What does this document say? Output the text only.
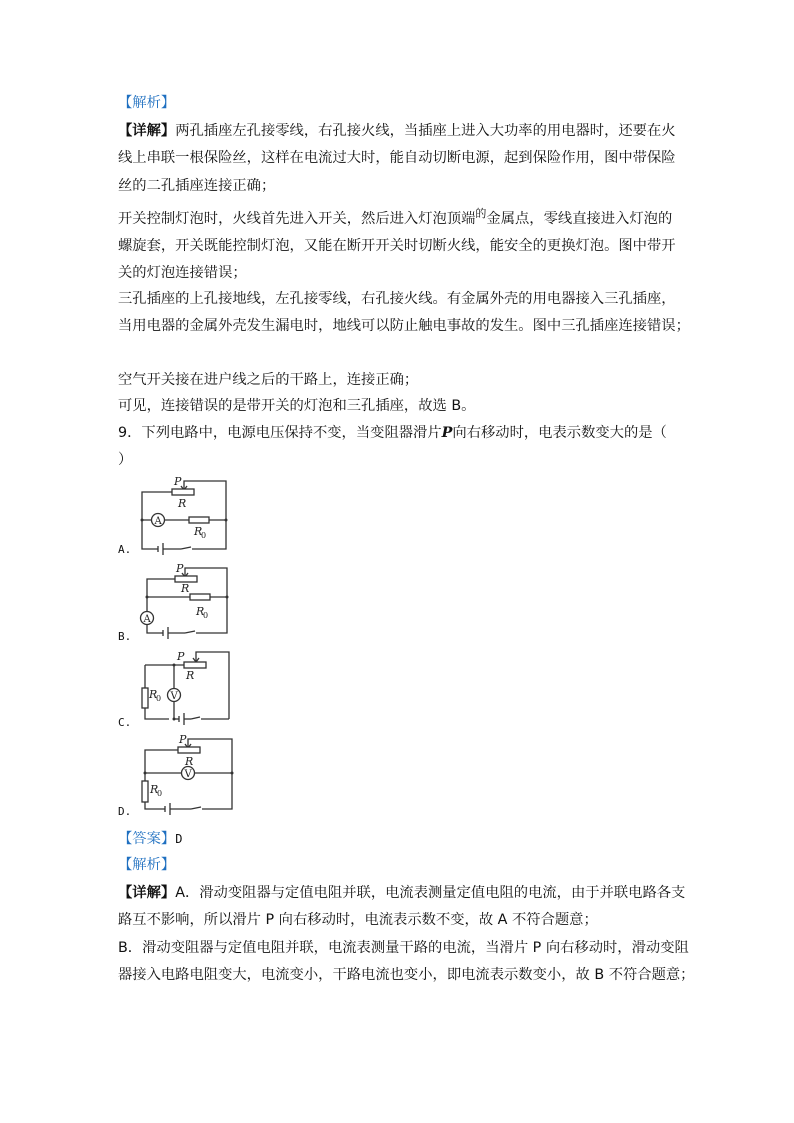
【解析】
【详解】两孔插座左孔接零线，右孔接火线，当插座上进入大功率的用电器时，还要在火
线上串联一根保险丝，这样在电流过大时，能自动切断电源，起到保险作用，图中带保险
丝的二孔插座连接正确；
开关控制灯泡时，火线首先进入开关，然后进入灯泡顶端$^的$金属点，零线直接进入灯泡的
螺旋套，开关既能控制灯泡，又能在断开开关时切断火线，能安全的更换灯泡。图中带开
关的灯泡连接错误；
三孔插座的上孔接地线，左孔接零线，右孔接火线。有金属外壳的用电器接入三孔插座，
当用电器的金属外壳发生漏电时，地线可以防止触电事故的发生。图中三孔插座连接错误；
空气开关接在进户线之后的干路上，连接正确；
可见，连接错误的是带开关的灯泡和三孔插座，故选 B。
9．下列电路中，电源电压保持不变，当变阻器滑片P向右移动时，电表示数变大的是（
）
P
R
A
R
0
A.
P
R
A
R
0
B.
P
R
V
R
0
C.
P
R
V
R
0
D.
【答案】D
【解析】
【详解】A．滑动变阻器与定值电阻并联，电流表测量定值电阻的电流，由于并联电路各支
路互不影响，所以滑片 P 向右移动时，电流表示数不变，故 A 不符合题意；
B．滑动变阻器与定值电阻并联，电流表测量干路的电流，当滑片 P 向右移动时，滑动变阻
器接入电路电阻变大，电流变小，干路电流也变小，即电流表示数变小，故 B 不符合题意；
